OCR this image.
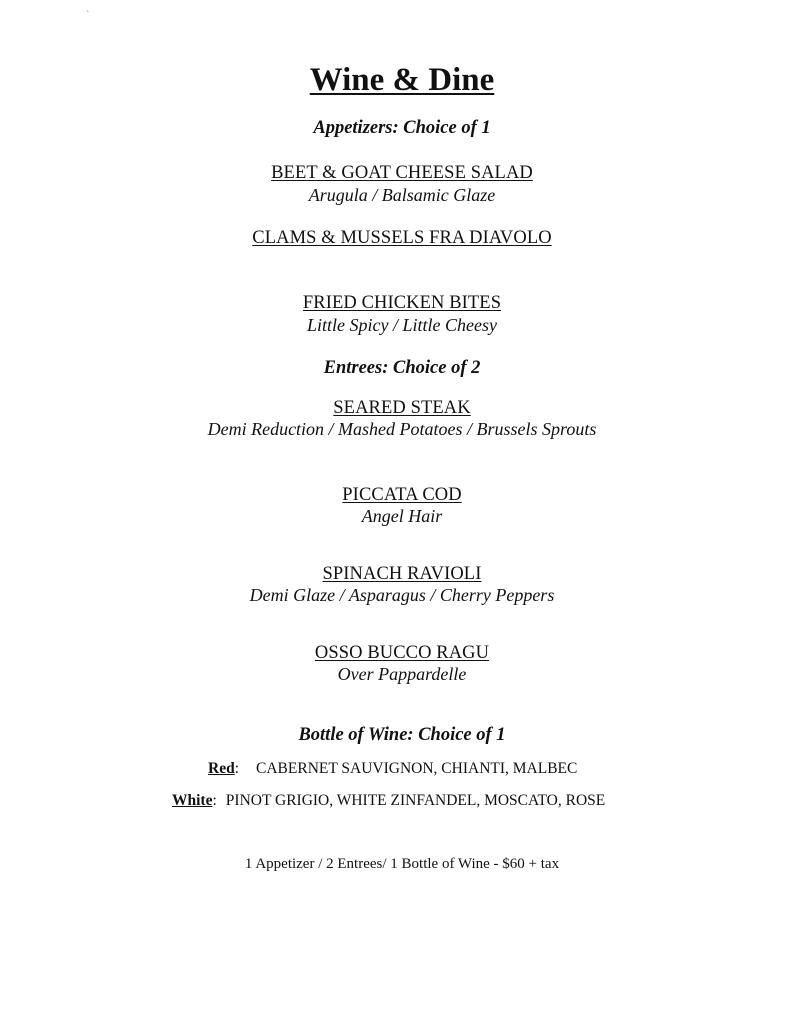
`
Wine & Dine
Appetizers: Choice of 1
BEET & GOAT CHEESE SALAD
Arugula / Balsamic Glaze
CLAMS & MUSSELS FRA DIAVOLO
FRIED CHICKEN BITES
Little Spicy / Little Cheesy
Entrees: Choice of 2
SEARED STEAK
Demi Reduction / Mashed Potatoes / Brussels Sprouts
PICCATA COD
Angel Hair
SPINACH RAVIOLI
Demi Glaze / Asparagus / Cherry Peppers
OSSO BUCCO RAGU
Over Pappardelle
Bottle of Wine: Choice of 1
Red: CABERNET SAUVIGNON, CHIANTI, MALBEC
White: PINOT GRIGIO, WHITE ZINFANDEL, MOSCATO, ROSE
1 Appetizer / 2 Entrees/ 1 Bottle of Wine - $60 + tax
